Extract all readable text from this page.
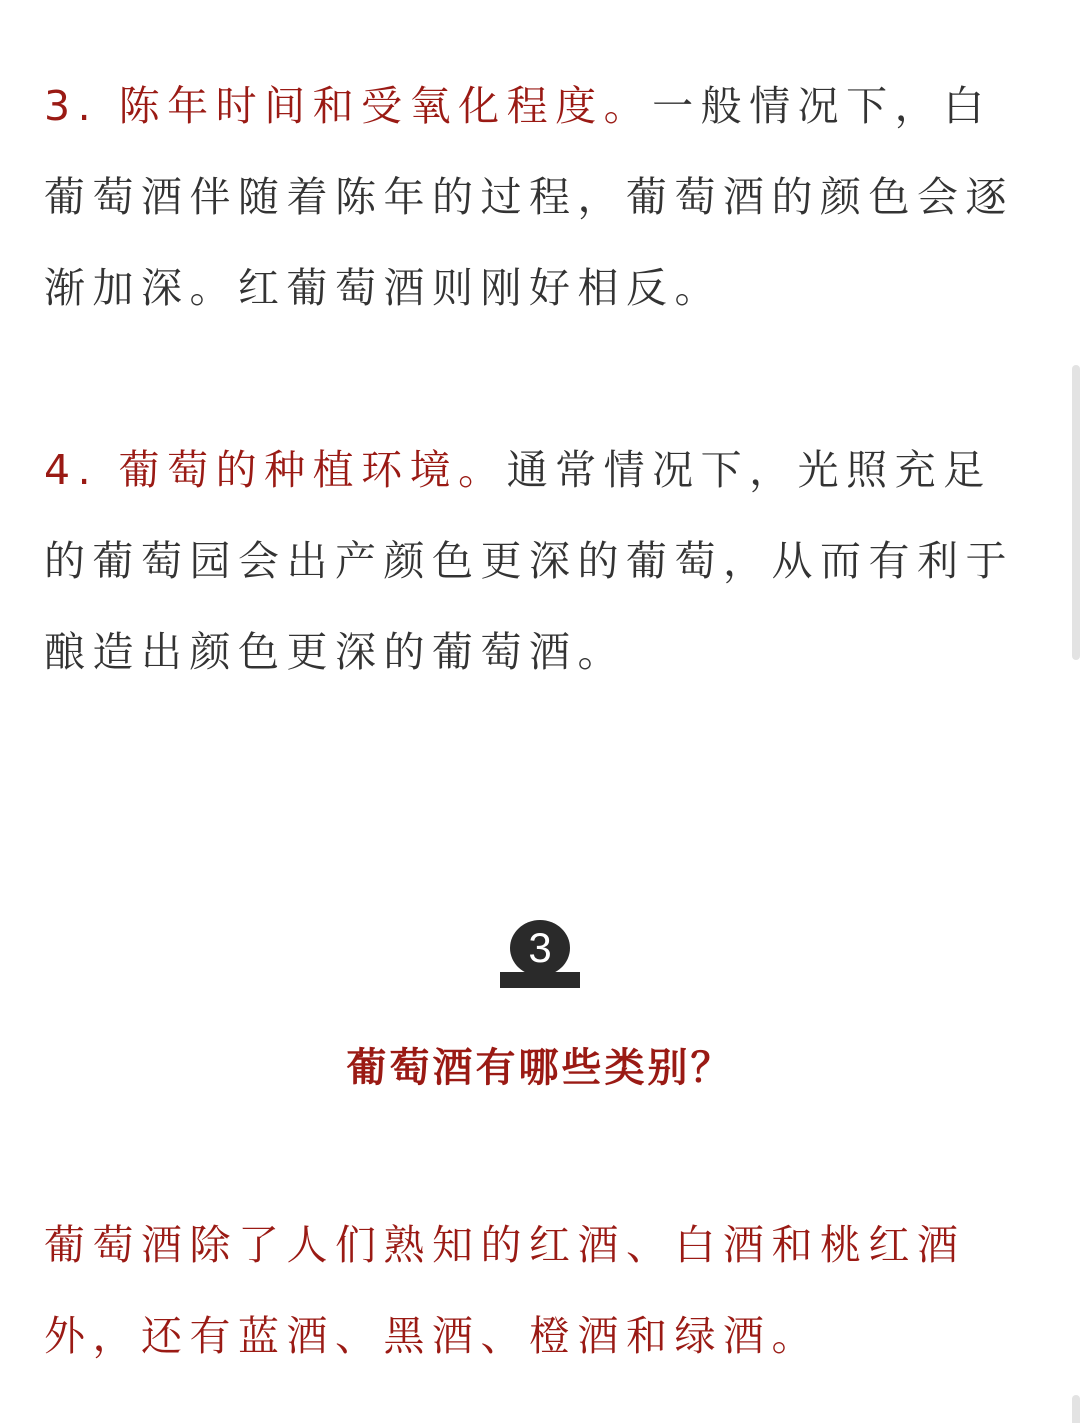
3. 陈年时间和受氧化程度。一般情况下，白葡萄酒伴随着陈年的过程，葡萄酒的颜色会逐渐加深。红葡萄酒则刚好相反。

4. 葡萄的种植环境。通常情况下，光照充足的葡萄园会出产颜色更深的葡萄，从而有利于酿造出颜色更深的葡萄酒。

3
葡萄酒有哪些类别？

葡萄酒除了人们熟知的红酒、白酒和桃红酒外，还有蓝酒、黑酒、橙酒和绿酒。
